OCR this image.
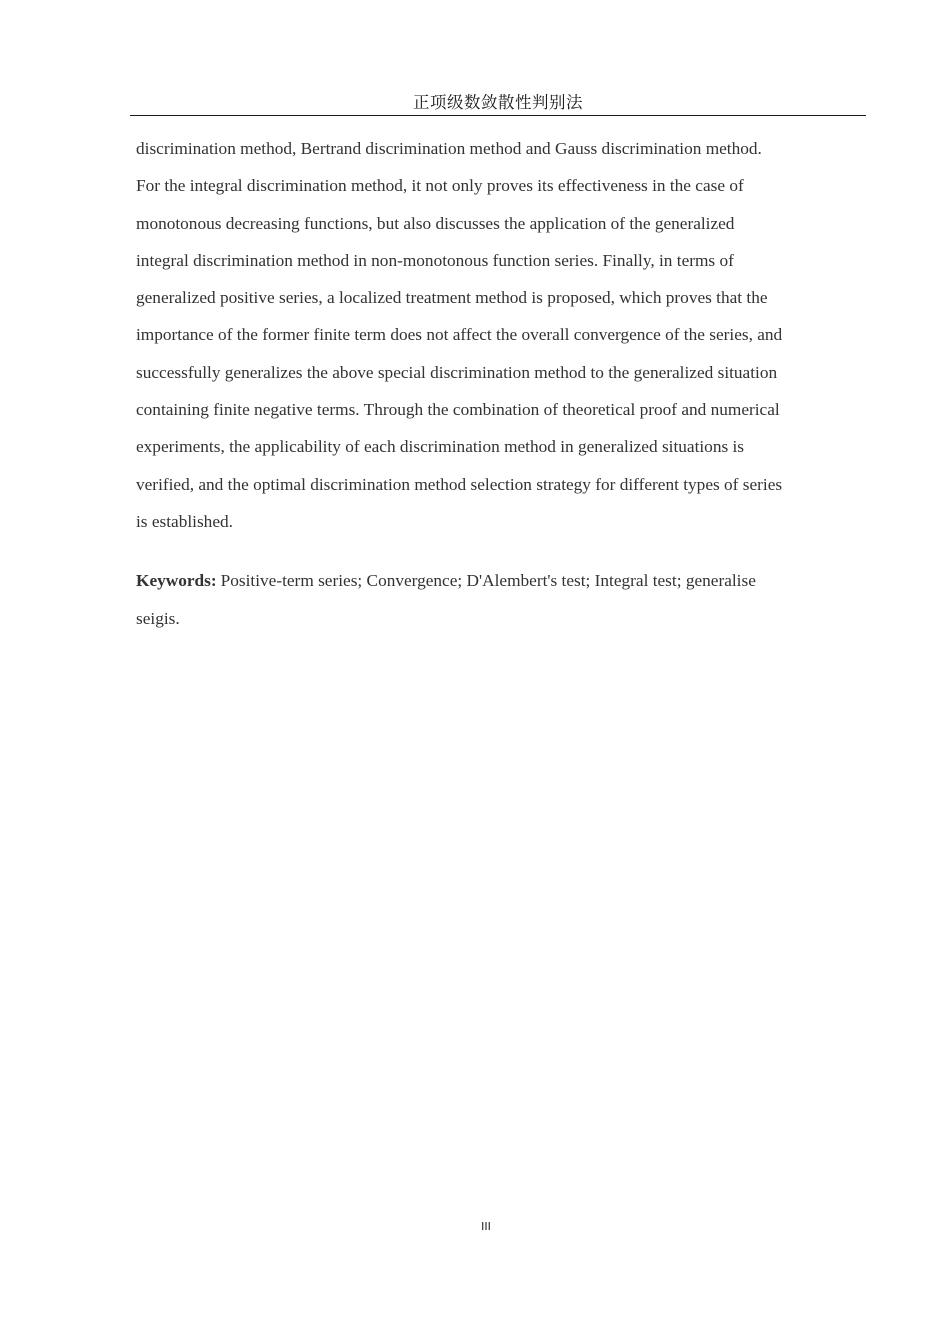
正项级数敛散性判别法

discrimination method, Bertrand discrimination method and Gauss discrimination method.

For the integral discrimination method, it not only proves its effectiveness in the case of

monotonous decreasing functions, but also discusses the application of the generalized

integral discrimination method in non-monotonous function series. Finally, in terms of

generalized positive series, a localized treatment method is proposed, which proves that the

importance of the former finite term does not affect the overall convergence of the series, and

successfully generalizes the above special discrimination method to the generalized situation

containing finite negative terms. Through the combination of theoretical proof and numerical

experiments, the applicability of each discrimination method in generalized situations is

verified, and the optimal discrimination method selection strategy for different types of series

is established.

Keywords: Positive-term series; Convergence; D'Alembert's test; Integral test; generalise
seigis.
III
